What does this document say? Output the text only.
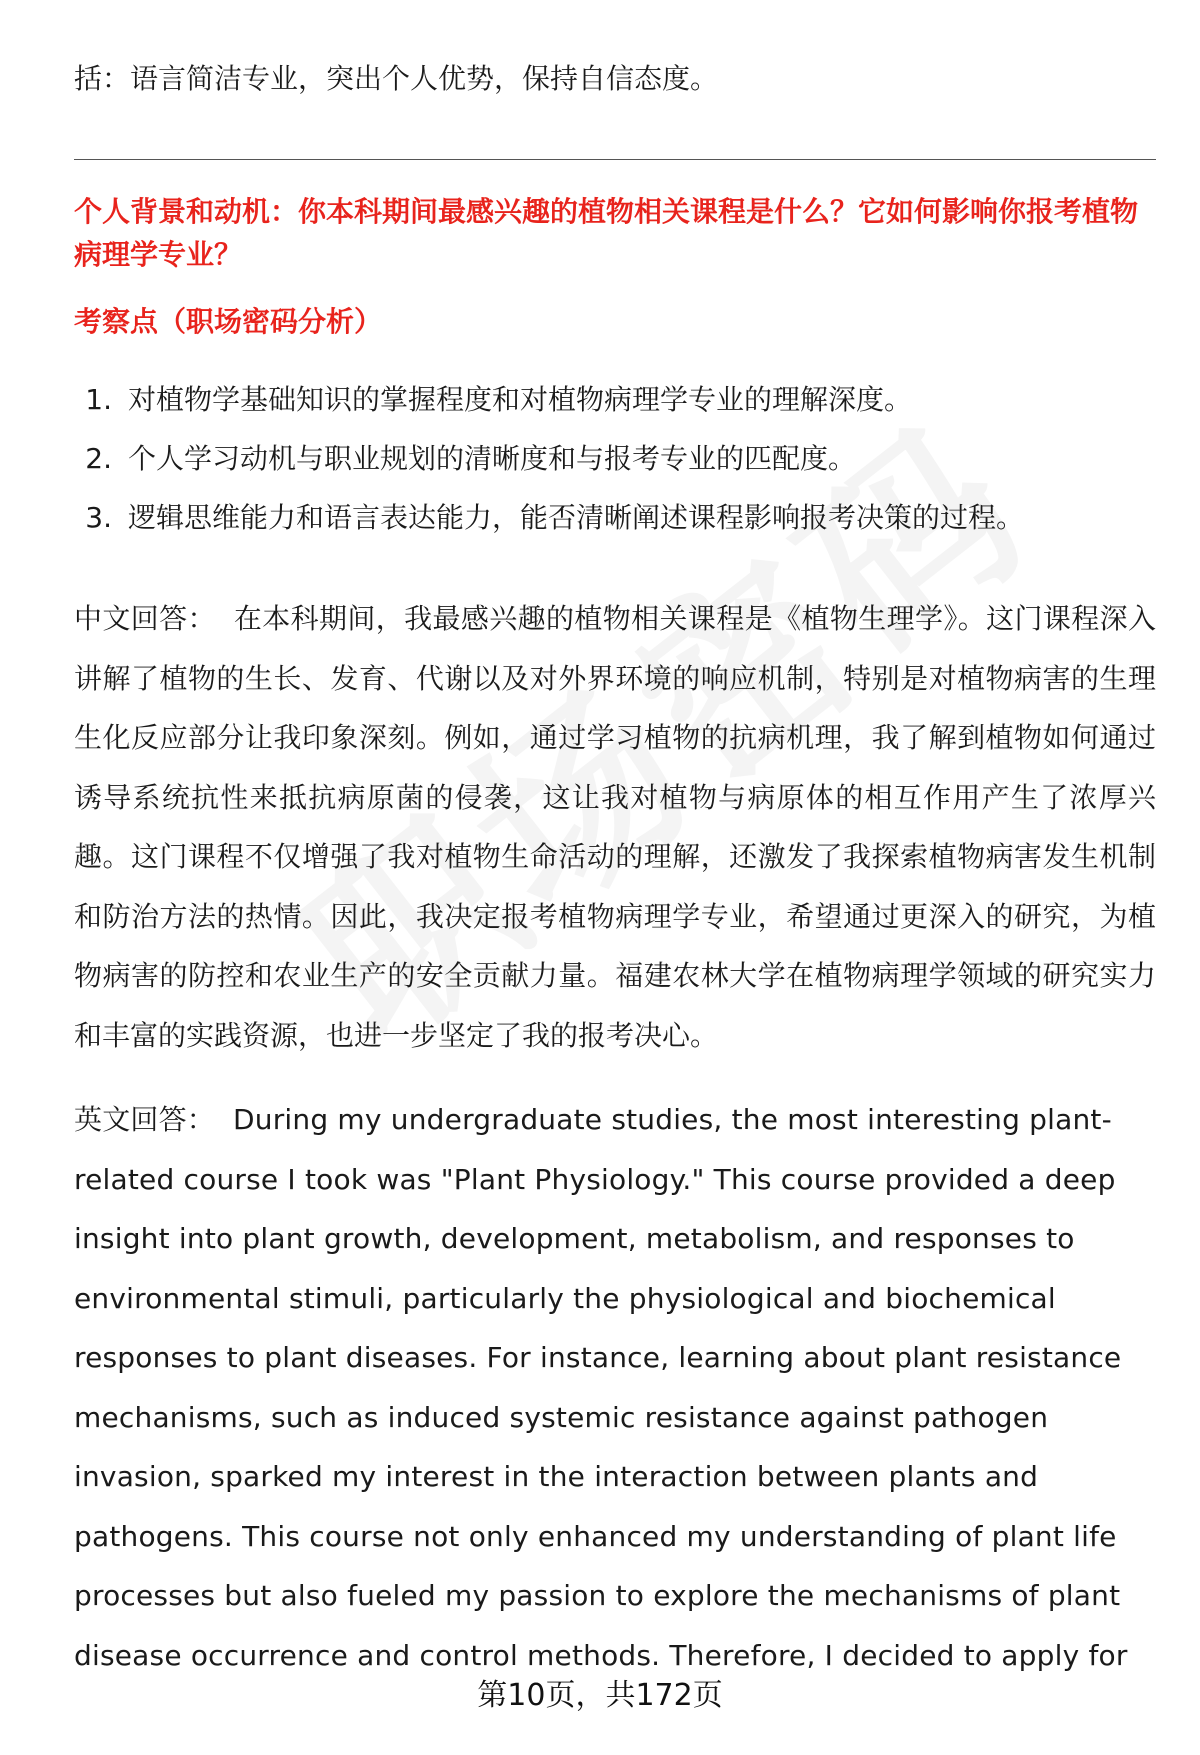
括：语言简洁专业，突出个人优势，保持自信态度。

个人背景和动机：你本科期间最感兴趣的植物相关课程是什么？它如何影响你报考植物病理学专业？
考察点（职场密码分析）
1. 对植物学基础知识的掌握程度和对植物病理学专业的理解深度。
2. 个人学习动机与职业规划的清晰度和与报考专业的匹配度。
3. 逻辑思维能力和语言表达能力，能否清晰阐述课程影响报考决策的过程。

中文回答： 在本科期间，我最感兴趣的植物相关课程是《植物生理学》。这门课程深入讲解了植物的生长、发育、代谢以及对外界环境的响应机制，特别是对植物病害的生理生化反应部分让我印象深刻。例如，通过学习植物的抗病机理，我了解到植物如何通过诱导系统抗性来抵抗病原菌的侵袭，这让我对植物与病原体的相互作用产生了浓厚兴趣。这门课程不仅增强了我对植物生命活动的理解，还激发了我探索植物病害发生机制和防治方法的热情。因此，我决定报考植物病理学专业，希望通过更深入的研究，为植物病害的防控和农业生产的安全贡献力量。福建农林大学在植物病理学领域的研究实力和丰富的实践资源，也进一步坚定了我的报考决心。

英文回答： During my undergraduate studies, the most interesting plant-related course I took was "Plant Physiology." This course provided a deep insight into plant growth, development, metabolism, and responses to environmental stimuli, particularly the physiological and biochemical responses to plant diseases. For instance, learning about plant resistance mechanisms, such as induced systemic resistance against pathogen invasion, sparked my interest in the interaction between plants and pathogens. This course not only enhanced my understanding of plant life processes but also fueled my passion to explore the mechanisms of plant disease occurrence and control methods. Therefore, I decided to apply for

第10页，共172页
